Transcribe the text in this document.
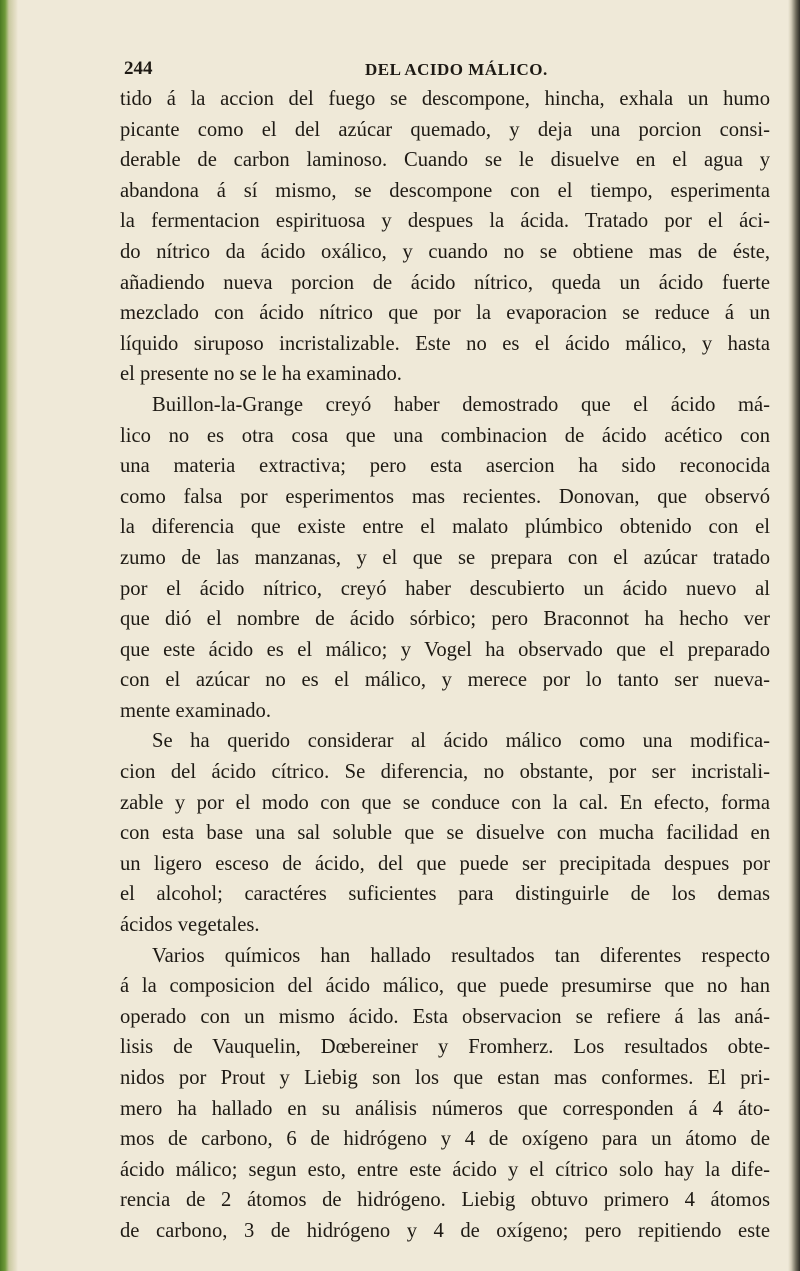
244	DEL ACIDO MÁLICO.

tido á la accion del fuego se descompone, hincha, exhala un humo

picante como el del azúcar quemado, y deja una porcion consi-

derable de carbon laminoso. Cuando se le disuelve en el agua y

abandona á sí mismo, se descompone con el tiempo, esperimenta

la fermentacion espirituosa y despues la ácida. Tratado por el áci-

do nítrico da ácido oxálico, y cuando no se obtiene mas de éste,

añadiendo nueva porcion de ácido nítrico, queda un ácido fuerte

mezclado con ácido nítrico que por la evaporacion se reduce á un

líquido siruposo incristalizable. Este no es el ácido málico, y hasta

el presente no se le ha examinado.

Buillon-la-Grange creyó haber demostrado que el ácido má-

lico no es otra cosa que una combinacion de ácido acético con

una materia extractiva; pero esta asercion ha sido reconocida

como falsa por esperimentos mas recientes. Donovan, que observó

la diferencia que existe entre el malato plúmbico obtenido con el

zumo de las manzanas, y el que se prepara con el azúcar tratado

por el ácido nítrico, creyó haber descubierto un ácido nuevo al

que dió el nombre de ácido sórbico; pero Braconnot ha hecho ver

que este ácido es el málico; y Vogel ha observado que el preparado

con el azúcar no es el málico, y merece por lo tanto ser nueva-

mente examinado.

Se ha querido considerar al ácido málico como una modifica-

cion del ácido cítrico. Se diferencia, no obstante, por ser incristali-

zable y por el modo con que se conduce con la cal. En efecto, forma

con esta base una sal soluble que se disuelve con mucha facilidad en

un ligero esceso de ácido, del que puede ser precipitada despues por

el alcohol; caractéres suficientes para distinguirle de los demas

ácidos vegetales.

Varios químicos han hallado resultados tan diferentes respecto

á la composicion del ácido málico, que puede presumirse que no han

operado con un mismo ácido. Esta observacion se refiere á las aná-

lisis de Vauquelin, Dœbereiner y Fromherz. Los resultados obte-

nidos por Prout y Liebig son los que estan mas conformes. El pri-

mero ha hallado en su análisis números que corresponden á 4 áto-

mos de carbono, 6 de hidrógeno y 4 de oxígeno para un átomo de

ácido málico; segun esto, entre este ácido y el cítrico solo hay la dife-

rencia de 2 átomos de hidrógeno. Liebig obtuvo primero 4 átomos

de carbono, 3 de hidrógeno y 4 de oxígeno; pero repitiendo este
